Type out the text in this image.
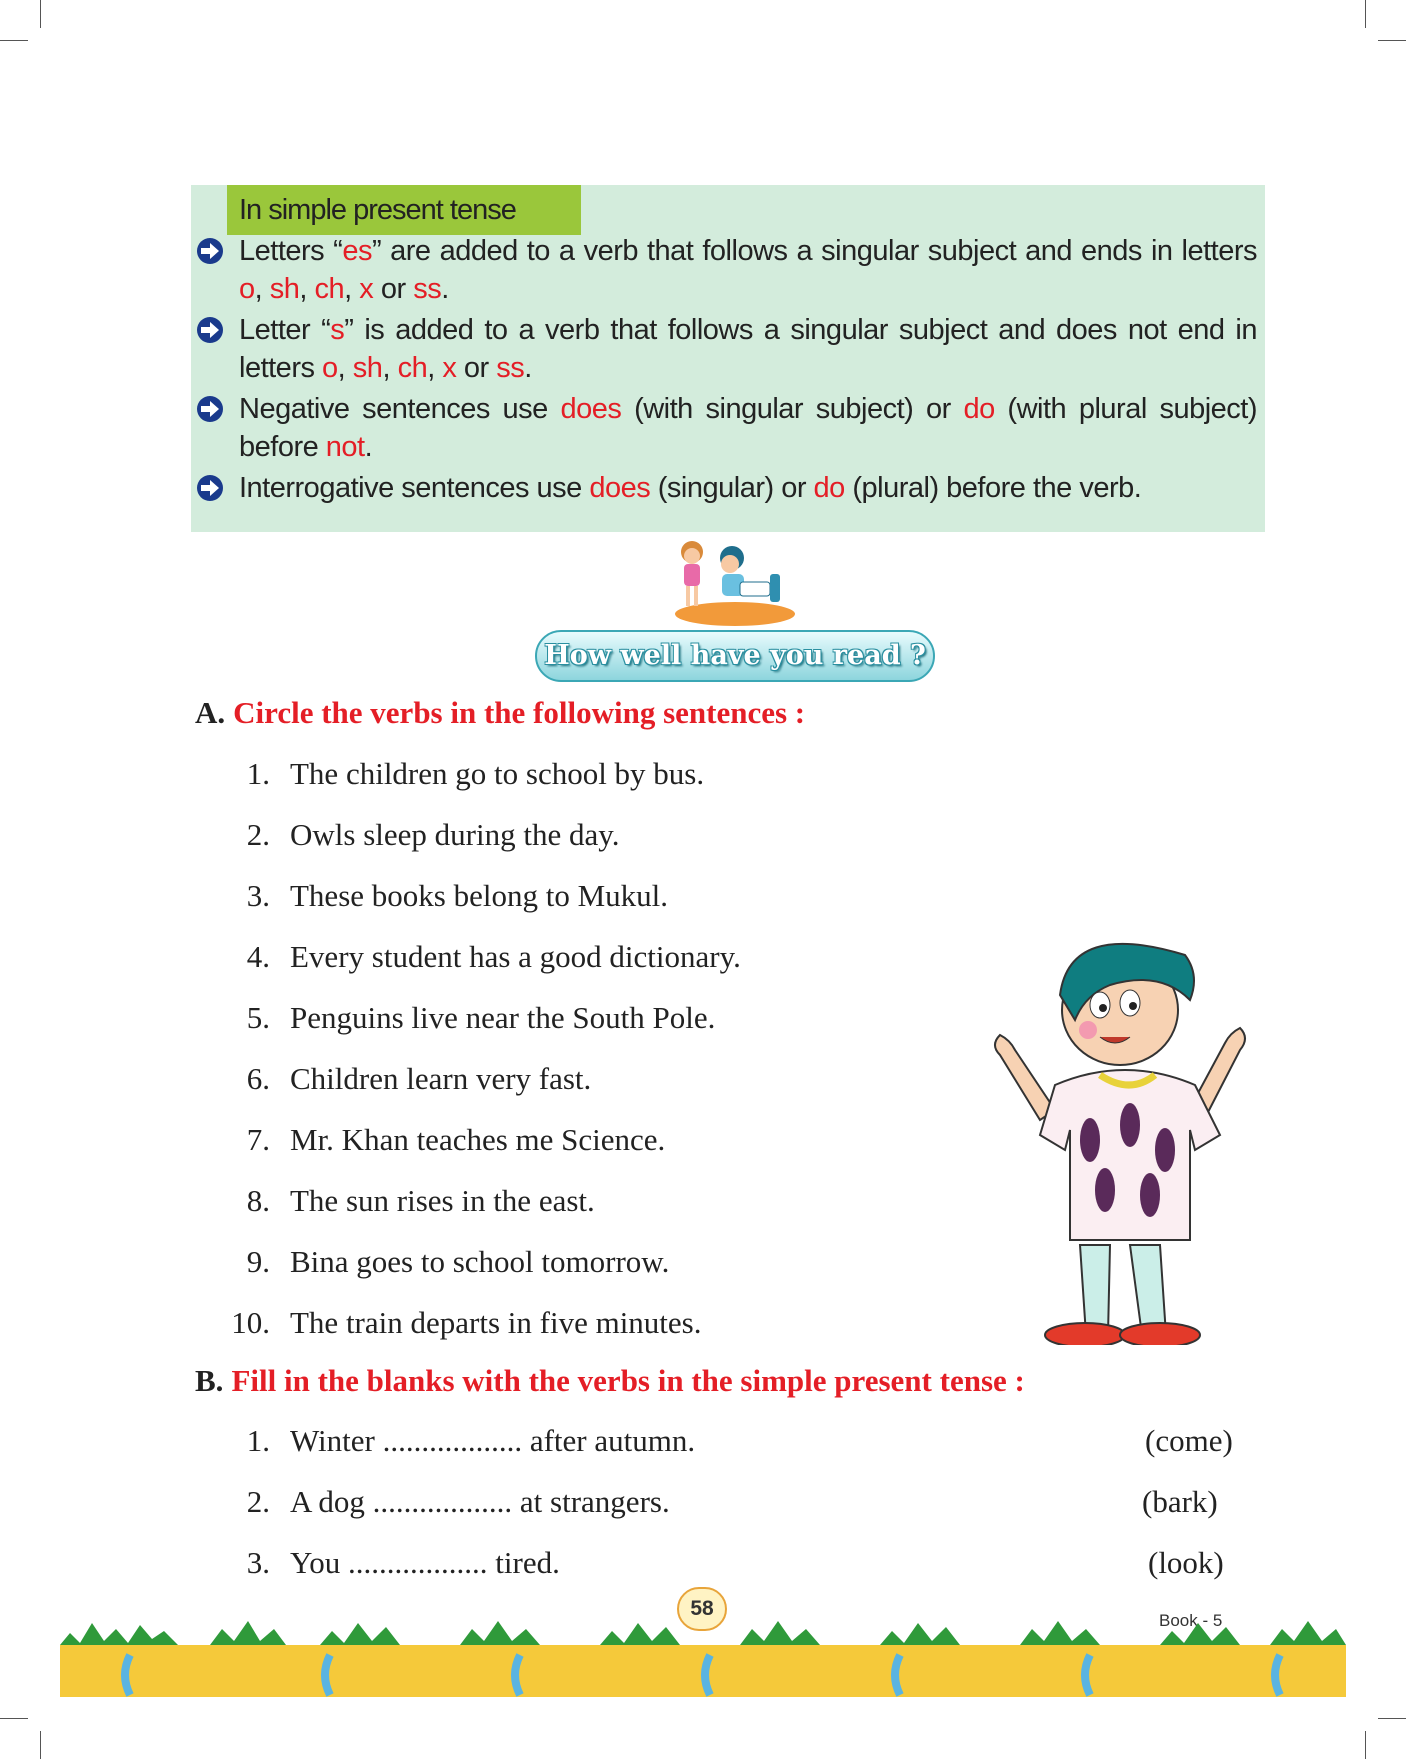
In simple present tense
Letters “es” are added to a verb that follows a singular subject and ends in letters o, sh, ch, x or ss.
Letter “s” is added to a verb that follows a singular subject and does not end in letters o, sh, ch, x or ss.
Negative sentences use does (with singular subject) or do (with plural subject) before not.
Interrogative sentences use does (singular) or do (plural) before the verb.
How well have you read ?
A. Circle the verbs in the following sentences :
1. The children go to school by bus.
2. Owls sleep during the day.
3. These books belong to Mukul.
4. Every student has a good dictionary.
5. Penguins live near the South Pole.
6. Children learn very fast.
7. Mr. Khan teaches me Science.
8. The sun rises in the east.
9. Bina goes to school tomorrow.
10. The train departs in five minutes.
B. Fill in the blanks with the verbs in the simple present tense :
1. Winter .................. after autumn.	(come)
2. A dog .................. at strangers.	(bark)
3. You .................. tired.	(look)
58
Book - 5
